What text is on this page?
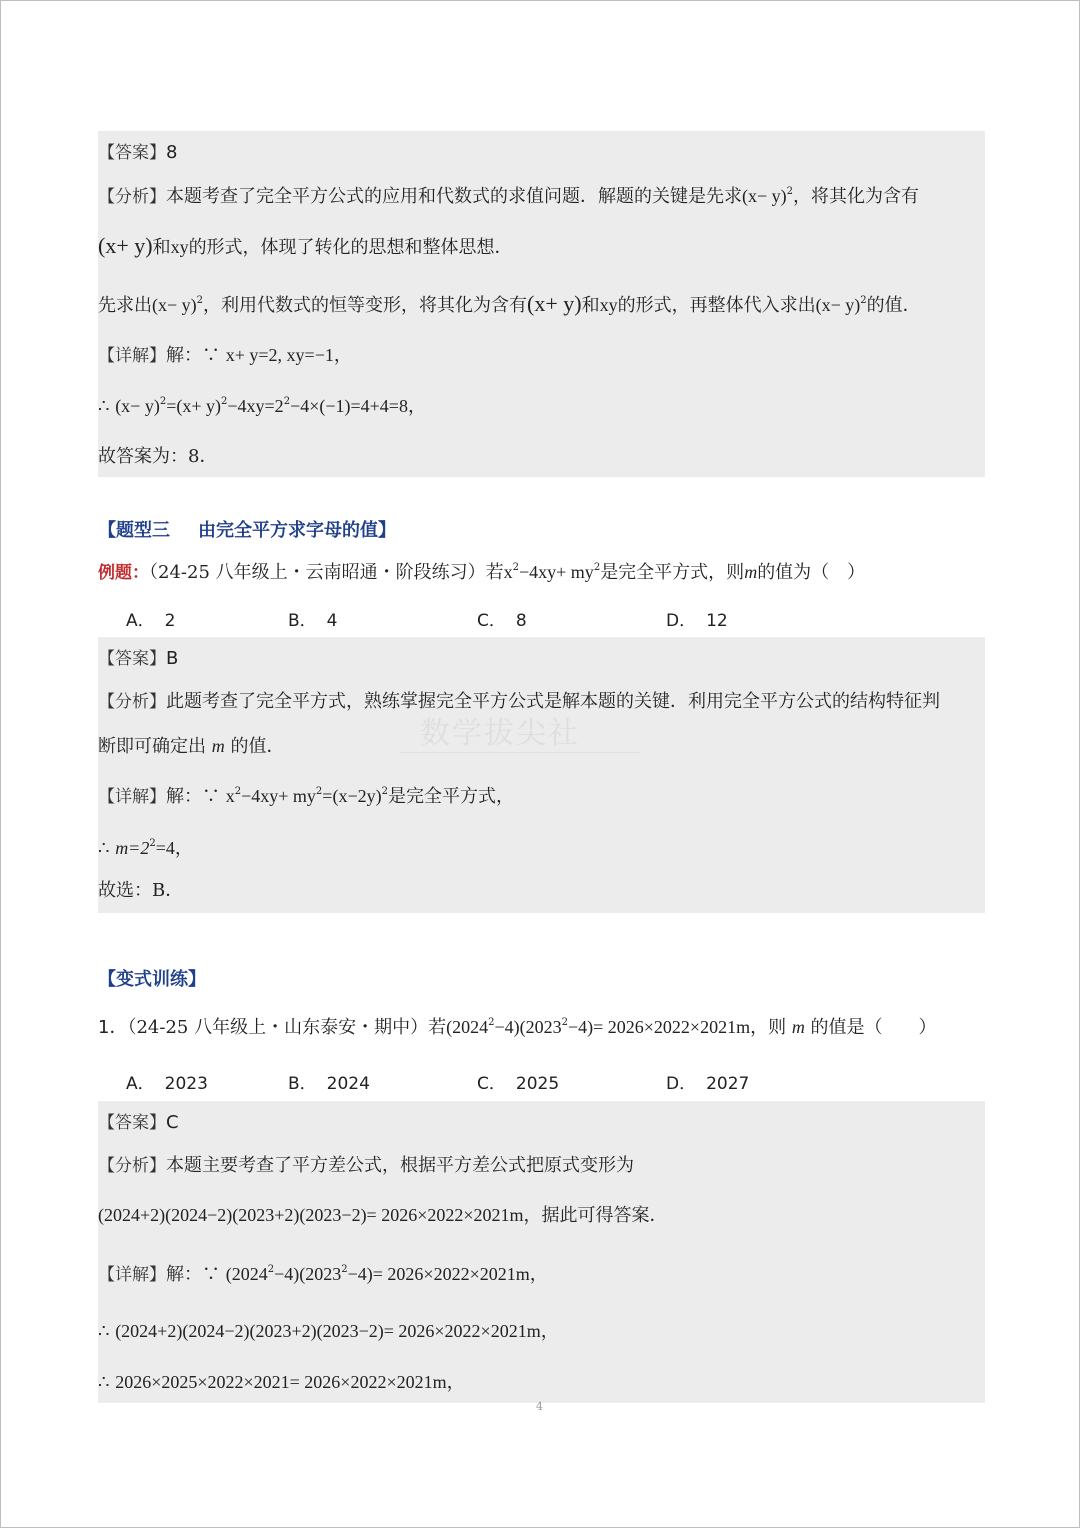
【答案】8
【分析】本题考查了完全平方公式的应用和代数式的求值问题．解题的关键是先求$(x- y)^2$，将其化为含有
(x+ y)和xy的形式，体现了转化的思想和整体思想．
先求出$(x- y)^2$，利用代数式的恒等变形，将其化为含有(x+ y)和xy的形式，再整体代入求出$(x- y)^2$的值．
【详解】解：∵ x+ y=2, xy=−1，
∴ $(x- y)^2=(x+ y)^2-4xy=2^2-4\times(-1)=4+4=8$，
故答案为：8．
【题型三 由完全平方求字母的值】
例题：（24-25 八年级上・云南昭通・阶段练习）若$x^2-4xy+ my^2$是完全平方式，则m的值为（　）
A． 2	B． 4	C． 8	D． 12
数学拔尖社
【答案】B
【分析】此题考查了完全平方式，熟练掌握完全平方公式是解本题的关键．利用完全平方公式的结构特征判
断即可确定出 m 的值．
【详解】解：∵ $x^2-4xy+ my^2=(x-2y)^2$是完全平方式，
∴ $m=2^2=4$，
故选：B．
【变式训练】
1．（24-25 八年级上・山东泰安・期中）若$(2024^2-4)(2023^2-4)= 2026\times 2022\times 2021m$，则 m 的值是（　　）
A． 2023	B． 2024	C． 2025	D． 2027
【答案】C
【分析】本题主要考查了平方差公式，根据平方差公式把原式变形为
(2024+2)(2024−2)(2023+2)(2023−2)= 2026×2022×2021m，据此可得答案．
【详解】解：∵ $(2024^2-4)(2023^2-4)= 2026\times 2022\times 2021m$，
∴ (2024+2)(2024−2)(2023+2)(2023−2)= 2026×2022×2021m，
∴ 2026×2025×2022×2021= 2026×2022×2021m，
4
